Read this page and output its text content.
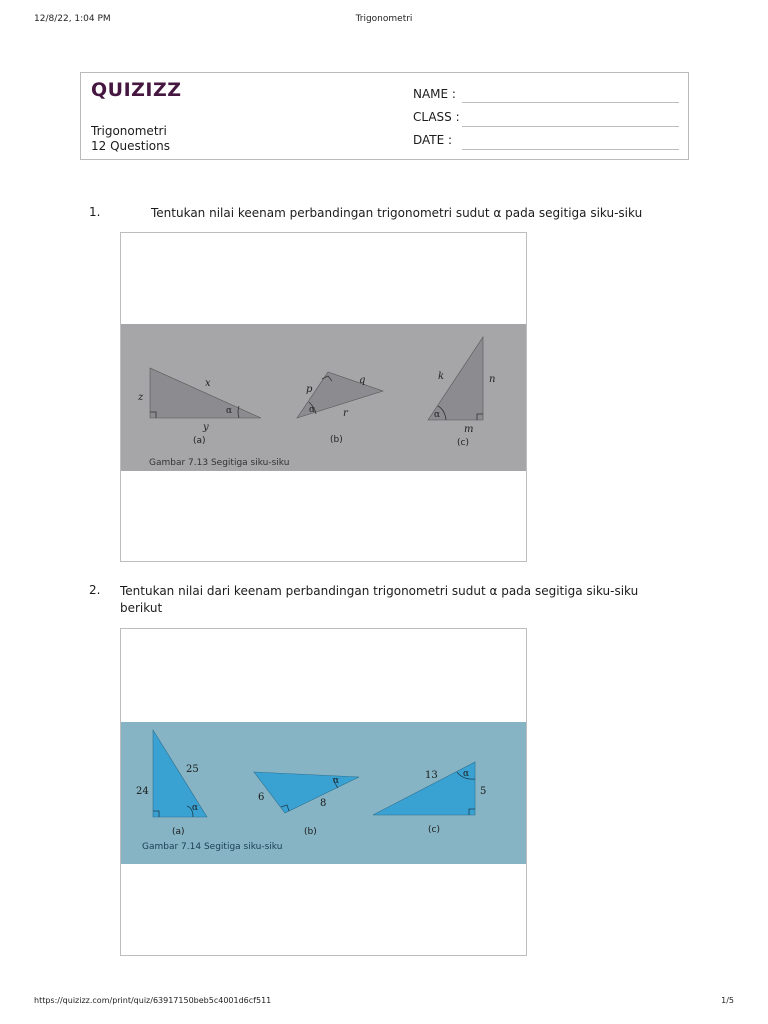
12/8/22, 1:04 PM	Trigonometri
QUIZIZZ
Trigonometri
12 Questions
NAME :
CLASS :
DATE :
1.	Tentukan nilai keenam perbandingan trigonometri sudut α pada segitiga siku-siku
x
z
y
α
(a)
p
q
r
α
(b)
k	n
m
α
(c)
Gambar 7.13 Segitiga siku-siku
2. Tentukan nilai dari keenam perbandingan trigonometri sudut α pada segitiga siku-siku berikut
25
24
α
(a)
6
8
α
(b)
13
5
α
(c)
Gambar 7.14 Segitiga siku-siku
https://quizizz.com/print/quiz/63917150beb5c4001d6cf511	1/5
